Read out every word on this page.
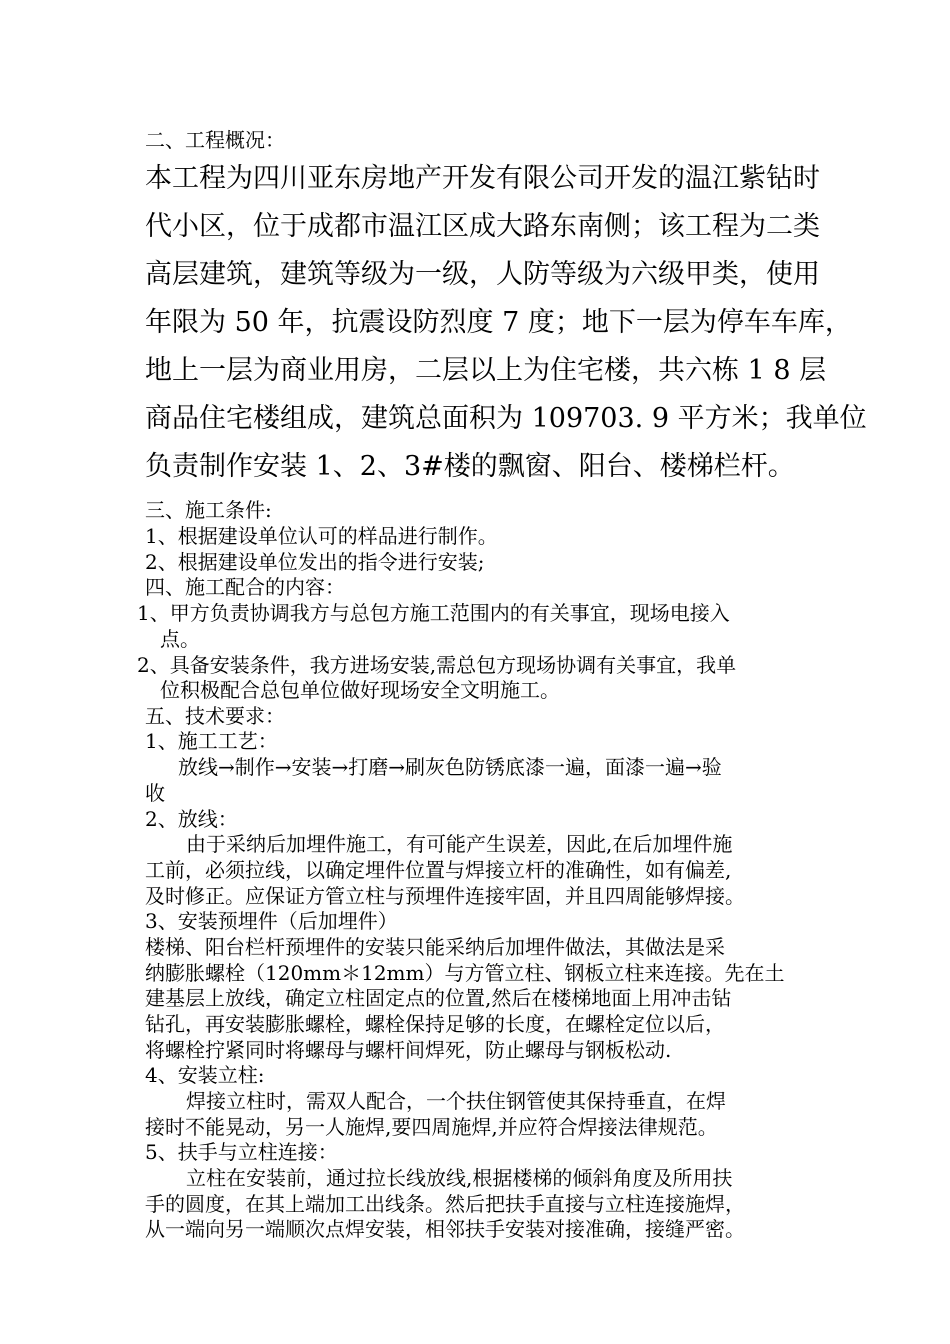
二、工程概况：
本工程为四川亚东房地产开发有限公司开发的温江紫钻时
代小区，位于成都市温江区成大路东南侧；该工程为二类
高层建筑，建筑等级为一级，人防等级为六级甲类，使用
年限为 50 年，抗震设防烈度 7 度；地下一层为停车车库，
地上一层为商业用房，二层以上为住宅楼，共六栋 1 8 层
商品住宅楼组成，建筑总面积为 109703. 9 平方米；我单位
负责制作安装 1、2、3#楼的飘窗、阳台、楼梯栏杆。
三、施工条件:
1、根据建设单位认可的样品进行制作。
2、根据建设单位发出的指令进行安装;
四、施工配合的内容：
1、甲方负责协调我方与总包方施工范围内的有关事宜，现场电接入
点。
2、具备安装条件，我方进场安装,需总包方现场协调有关事宜，我单
位积极配合总包单位做好现场安全文明施工。
五、技术要求：
1、施工工艺：
放线→制作→安装→打磨→刷灰色防锈底漆一遍，面漆一遍→验
收
2、放线：
由于采纳后加埋件施工，有可能产生误差，因此,在后加埋件施
工前，必须拉线，以确定埋件位置与焊接立杆的准确性，如有偏差,
及时修正。应保证方管立柱与预埋件连接牢固，并且四周能够焊接。
3、安装预埋件（后加埋件）
楼梯、阳台栏杆预埋件的安装只能采纳后加埋件做法，其做法是采
纳膨胀螺栓（120mm＊12mm）与方管立柱、钢板立柱来连接。先在土
建基层上放线，确定立柱固定点的位置,然后在楼梯地面上用冲击钻
钻孔，再安装膨胀螺栓，螺栓保持足够的长度，在螺栓定位以后，
将螺栓拧紧同时将螺母与螺杆间焊死，防止螺母与钢板松动.
4、安装立柱:
焊接立柱时，需双人配合，一个扶住钢管使其保持垂直，在焊
接时不能晃动，另一人施焊,要四周施焊,并应符合焊接法律规范。
5、扶手与立柱连接：
立柱在安装前，通过拉长线放线,根据楼梯的倾斜角度及所用扶
手的圆度，在其上端加工出线条。然后把扶手直接与立柱连接施焊，
从一端向另一端顺次点焊安装，相邻扶手安装对接准确，接缝严密。
